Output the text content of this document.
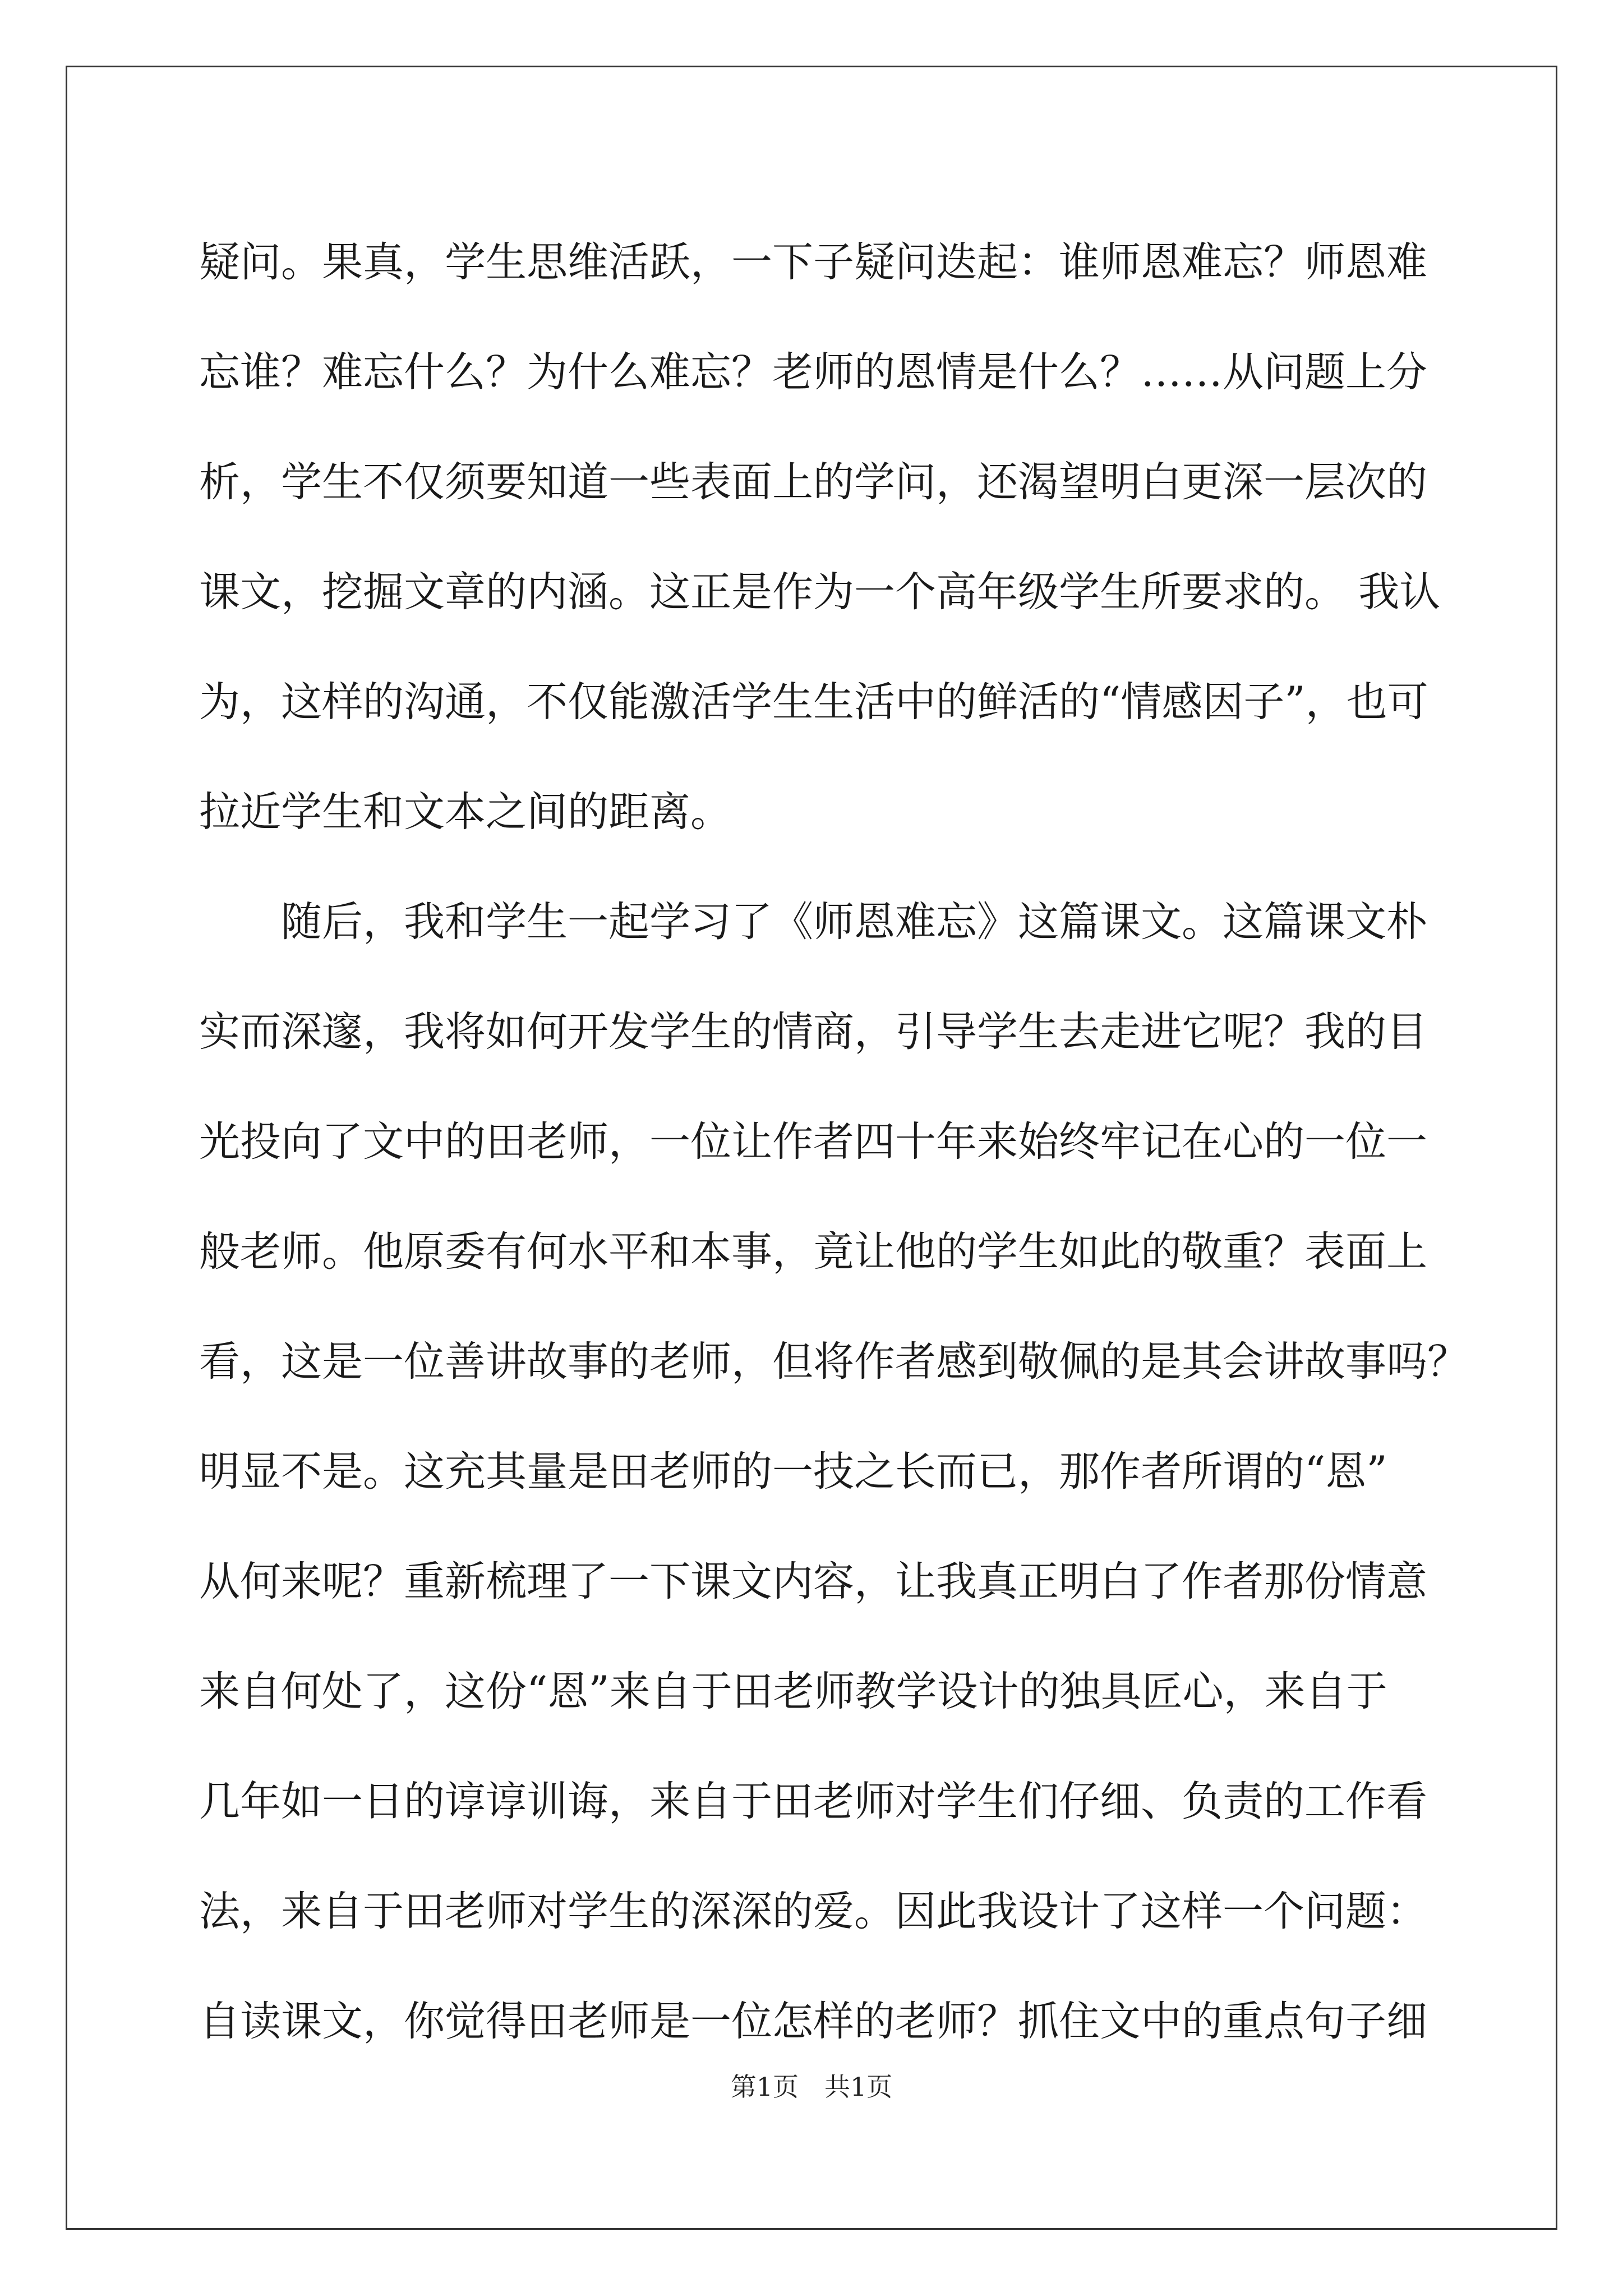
疑问。果真，学生思维活跃，一下子疑问迭起：谁师恩难忘？师恩难
忘谁？难忘什么？为什么难忘？老师的恩情是什么？……从问题上分
析，学生不仅须要知道一些表面上的学问，还渴望明白更深一层次的
课文，挖掘文章的内涵。这正是作为一个高年级学生所要求的。 我认
为，这样的沟通，不仅能激活学生生活中的鲜活的“情感因子”，也可
拉近学生和文本之间的距离。
随后，我和学生一起学习了《师恩难忘》这篇课文。这篇课文朴
实而深邃，我将如何开发学生的情商，引导学生去走进它呢？我的目
光投向了文中的田老师，一位让作者四十年来始终牢记在心的一位一
般老师。他原委有何水平和本事，竟让他的学生如此的敬重？表面上
看，这是一位善讲故事的老师，但将作者感到敬佩的是其会讲故事吗？
明显不是。这充其量是田老师的一技之长而已，那作者所谓的“恩”
从何来呢？重新梳理了一下课文内容，让我真正明白了作者那份情意
来自何处了，这份“恩”来自于田老师教学设计的独具匠心，来自于
几年如一日的谆谆训诲，来自于田老师对学生们仔细、负责的工作看
法，来自于田老师对学生的深深的爱。因此我设计了这样一个问题：
自读课文，你觉得田老师是一位怎样的老师？抓住文中的重点句子细
第1页　共1页
